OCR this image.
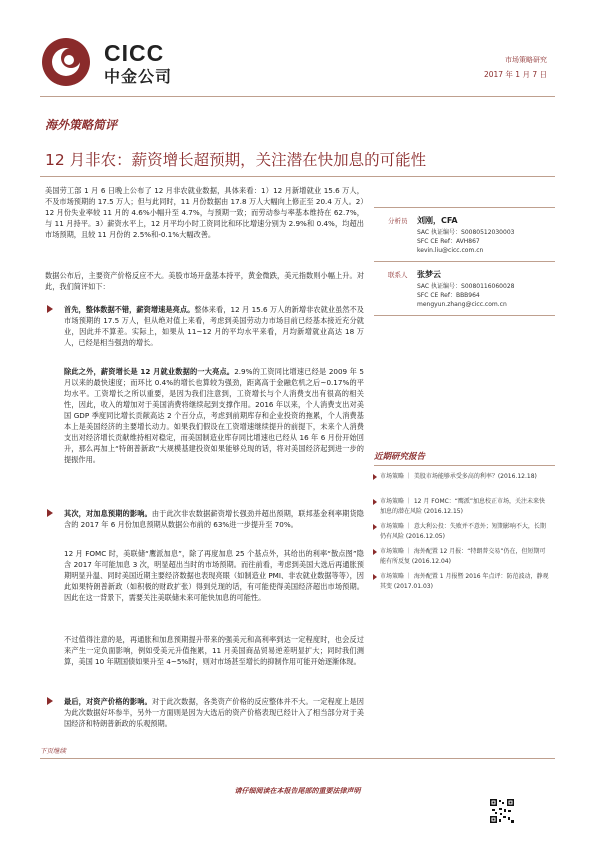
CICC
中金公司
市场策略研究
2017 年 1 月 7 日
海外策略简评
12 月非农：薪资增长超预期，关注潜在快加息的可能性
美国劳工部 1 月 6 日晚上公布了 12 月非农就业数据，具体来看：1）12 月新增就业 15.6 万人，不及市场预期的 17.5 万人；但与此同时，11 月份数据由 17.8 万人大幅向上修正至 20.4 万人。2）12 月份失业率较 11 月的 4.6%小幅升至 4.7%，与预期一致；而劳动参与率基本维持在 62.7%，与 11 月持平。3）薪资水平上，12 月平均小时工资同比和环比增速分别为 2.9%和 0.4%，均超出市场预期，且较 11 月份的 2.5%和-0.1%大幅改善。
数据公布后，主要资产价格反应不大。美股市场开盘基本持平，黄金微跌，美元指数则小幅上升。对此，我们简评如下：
首先，整体数据不错，薪资增速是亮点。整体来看，12 月 15.6 万人的新增非农就业虽然不及市场预期的 17.5 万人，但从绝对值上来看，考虑到美国劳动力市场目前已经基本接近充分就业，因此并不算差。实际上，如果从 11~12 月的平均水平来看，月均新增就业高达 18 万人，已经是相当强劲的增长。
除此之外，薪资增长是 12 月就业数据的一大亮点。2.9%的工资同比增速已经是 2009 年 5 月以来的最快速度；而环比 0.4%的增长也算较为强劲，距离高于金融危机之后~0.17%的平均水平。工资增长之所以重要，是因为我们注意到，工资增长与个人消费支出有很高的相关性，因此，收入的增加对于美国消费将继续起到支撑作用。2016 年以来，个人消费支出对美国 GDP 季度同比增长贡献高达 2 个百分点，考虑到前期库存和企业投资的拖累，个人消费基本上是美国经济的主要增长动力。如果我们假设在工资增速继续提升的前提下，未来个人消费支出对经济增长贡献维持相对稳定，而美国制造业库存同比增速也已经从 16 年 6 月份开始回升，那么再加上“特朗普新政”大规模基建投资如果能够兑现的话，将对美国经济起到进一步的提振作用。
其次，对加息预期的影响。由于此次非农数据薪资增长强劲并超出预期，联邦基金利率期货隐含的 2017 年 6 月份加息预期从数据公布前的 63%进一步提升至 70%。
12 月 FOMC 时，美联储“鹰派加息”，除了再度加息 25 个基点外，其给出的利率“散点图”隐含 2017 年可能加息 3 次，明显超出当时的市场预期。而往前看，考虑到美国大选后再通胀预期明显升温、同时美国近期主要经济数据也表现亮眼（如制造业 PMI、非农就业数据等等），因此如果特朗普新政（如积极的财政扩张）得到兑现的话，有可能使得美国经济超出市场预期。因此在这一背景下，需要关注美联储未来可能快加息的可能性。
不过值得注意的是，再通胀和加息预期提升带来的强美元和高利率到达一定程度时，也会反过来产生一定负面影响，例如受美元升值拖累，11 月美国商品贸易逆差明显扩大；同时我们测算，美国 10 年期国债如果升至 4~5%时，则对市场甚至增长的抑制作用可能开始逐渐体现。
最后，对资产价格的影响。对于此次数据，各类资产价格的反应整体并不大。一定程度上是因为此次数据好坏参半，另外一方面则是因为大选后的资产价格表现已经计入了相当部分对于美国经济和特朗普新政的乐观预期。
分析员 刘刚，CFA
SAC 执证编号：S0080512030003
SFC CE Ref：AVH867
kevin.liu@cicc.com.cn
联系人 张梦云
SAC 执证编号：S0080116060028
SFC CE Ref：BBB964
mengyun.zhang@cicc.com.cn
近期研究报告
市场策略 ｜ 美股市场能够承受多高的利率？(2016.12.18)
市场策略 ｜ 12 月 FOMC：“鹰派”加息校正市场，关注未来快加息的潜在风险 (2016.12.15)
市场策略 ｜ 意大利公投：失败并不意外；短期影响不大，长期仍有风险 (2016.12.05)
市场策略 ｜ 海外配置 12 月报：“特朗普交易”仍在，但短期可能有所反复 (2016.12.04)
市场策略 ｜ 海外配置 1 月报暨 2016 年点评：防范波动，静观其变 (2017.01.03)
下页继续
请仔细阅读在本报告尾部的重要法律声明
